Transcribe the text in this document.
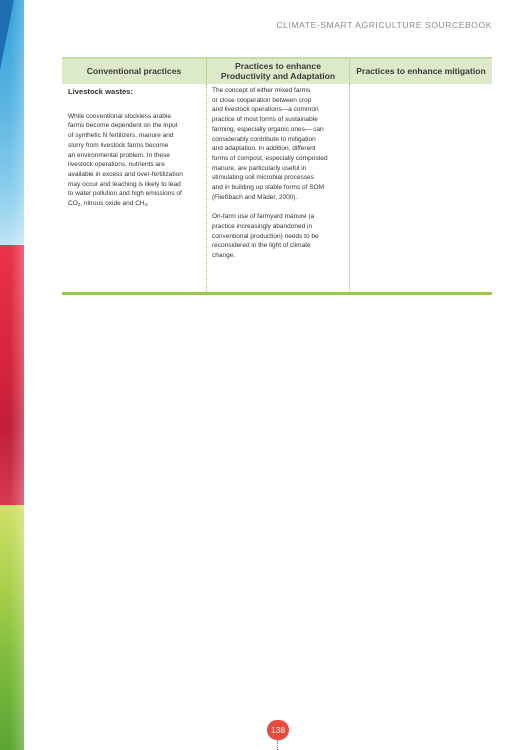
CLIMATE-SMART AGRICULTURE SOURCEBOOK
Conventional practices	Practices to enhance
Productivity and Adaptation	Practices to enhance mitigation
Livestock wastes:
While conventional stockless arable
farms become dependent on the input
of synthetic N fertilizers, manure and
slurry from livestock farms become
an environmental problem. In these
livestock operations, nutrients are
available in excess and over-fertilization
may occur and leaching is likely to lead
to water pollution and high emissions of
$CO_2$, nitrous oxide and $CH_4$.
The concept of either mixed farms
or close cooperation between crop
and livestock operations—a common
practice of most forms of sustainable
farming, especially organic ones— can
considerably contribute to mitigation
and adaptation. In addition, different
forms of compost, especially composted
manure, are particularly useful in
stimulating soil microbial processes
and in building up stable forms of SOM
(Fließbach and Mäder, 2000).
On-farm use of farmyard manure (a
practice increasingly abandoned in
conventional production) needs to be
reconsidered in the light of climate
change.
138
